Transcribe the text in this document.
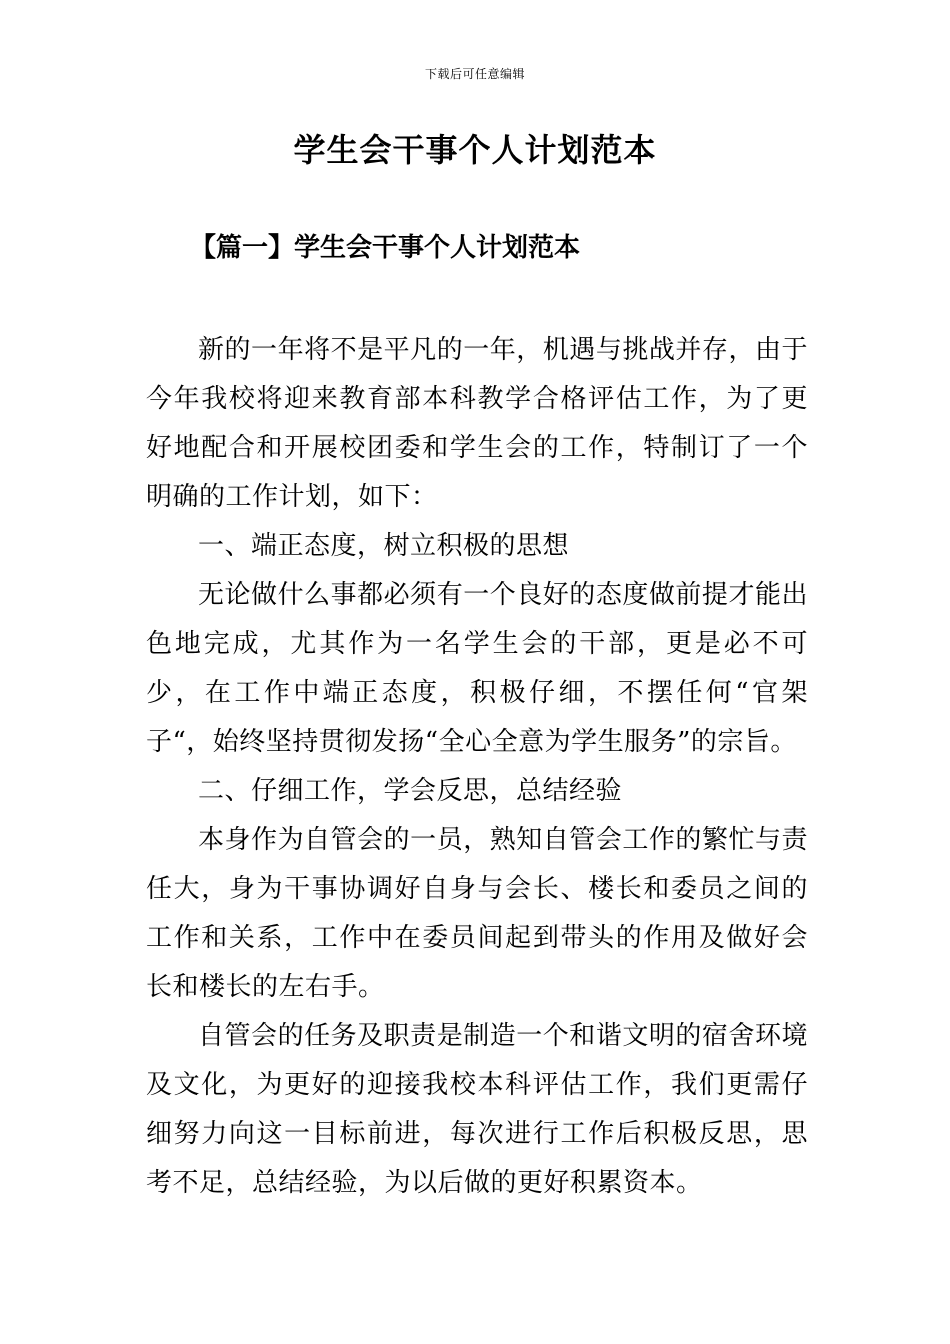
下载后可任意编辑
学生会干事个人计划范本
【篇一】学生会干事个人计划范本

新的一年将不是平凡的一年，机遇与挑战并存，由于今年我校将迎来教育部本科教学合格评估工作，为了更好地配合和开展校团委和学生会的工作，特制订了一个明确的工作计划，如下：

一、端正态度，树立积极的思想

无论做什么事都必须有一个良好的态度做前提才能出色地完成，尤其作为一名学生会的干部，更是必不可少，在工作中端正态度，积极仔细，不摆任何“官架子“，始终坚持贯彻发扬“全心全意为学生服务”的宗旨。

二、仔细工作，学会反思，总结经验

本身作为自管会的一员，熟知自管会工作的繁忙与责任大，身为干事协调好自身与会长、楼长和委员之间的工作和关系，工作中在委员间起到带头的作用及做好会长和楼长的左右手。

自管会的任务及职责是制造一个和谐文明的宿舍环境及文化，为更好的迎接我校本科评估工作，我们更需仔细努力向这一目标前进，每次进行工作后积极反思，思考不足，总结经验，为以后做的更好积累资本。
